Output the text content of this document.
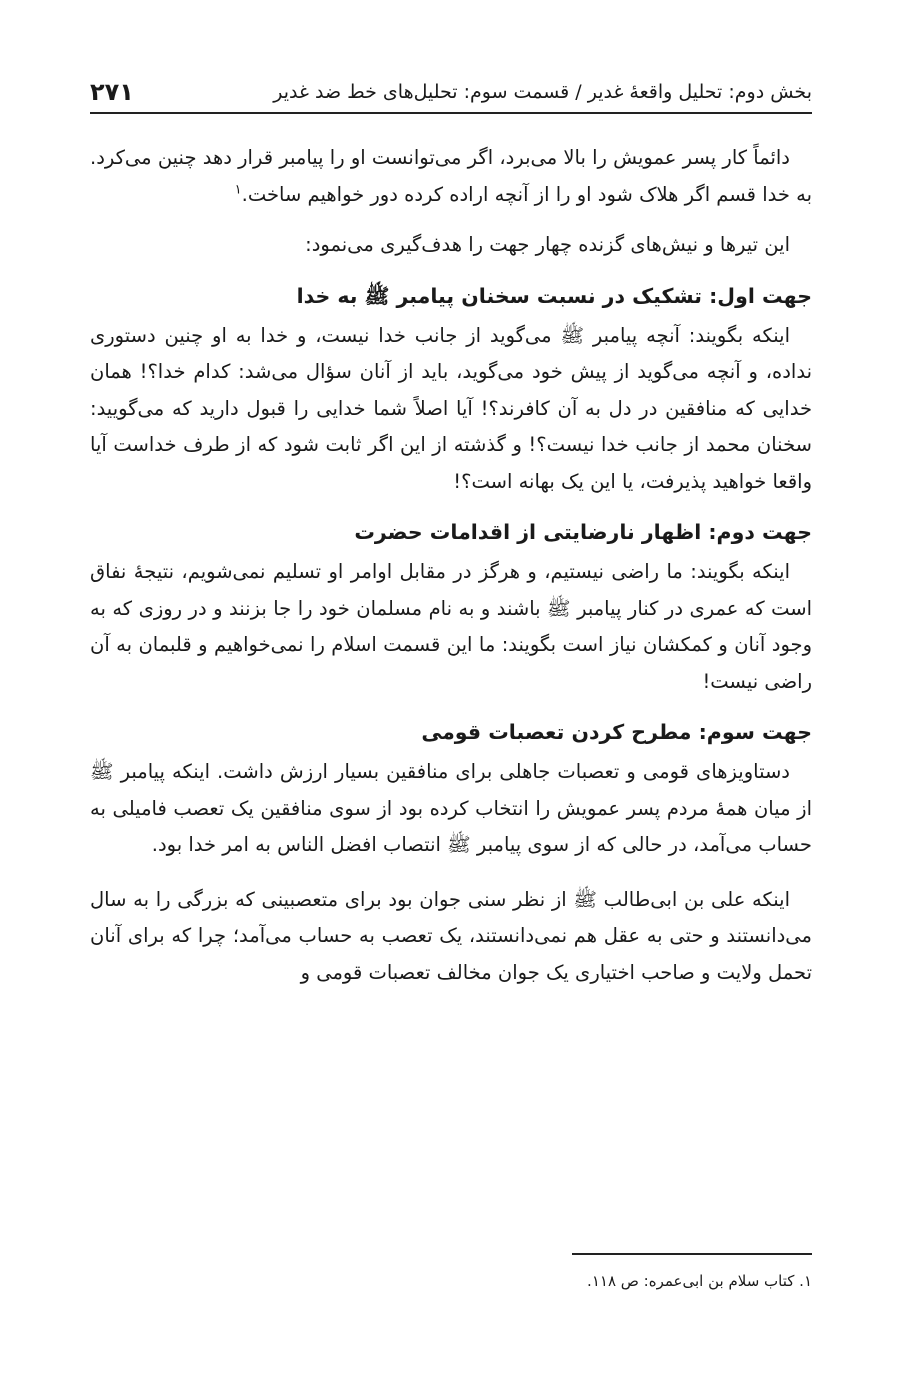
بخش دوم: تحلیل واقعهٔ غدیر / قسمت سوم: تحلیل‌های خط ضد غدیر
۲۷۱

دائماً کار پسر عمویش را بالا می‌برد، اگر می‌توانست او را پیامبر قرار دهد چنین می‌کرد. به خدا قسم اگر هلاک شود او را از آنچه اراده کرده دور خواهیم ساخت.$^۱$

این تیرها و نیش‌های گزنده چهار جهت را هدف‌گیری می‌نمود:

جهت اول: تشکیک در نسبت سخنان پیامبر ﷺ به خدا

اینکه بگویند: آنچه پیامبر ﷺ می‌گوید از جانب خدا نیست، و خدا به او چنین دستوری نداده، و آنچه می‌گوید از پیش خود می‌گوید، باید از آنان سؤال می‌شد: کدام خدا؟! همان خدایی که منافقین در دل به آن کافرند؟! آیا اصلاً شما خدایی را قبول دارید که می‌گویید: سخنان محمد از جانب خدا نیست؟! و گذشته از این اگر ثابت شود که از طرف خداست آیا واقعا خواهید پذیرفت، یا این یک بهانه است؟!

جهت دوم: اظهار نارضایتی از اقدامات حضرت

اینکه بگویند: ما راضی نیستیم، و هرگز در مقابل اوامر او تسلیم نمی‌شویم، نتیجهٔ نفاق است که عمری در کنار پیامبر ﷺ باشند و به نام مسلمان خود را جا بزنند و در روزی که به وجود آنان و کمکشان نیاز است بگویند: ما این قسمت اسلام را نمی‌خواهیم و قلبمان به آن راضی نیست!

جهت سوم: مطرح کردن تعصبات قومی

دستاویزهای قومی و تعصبات جاهلی برای منافقین بسیار ارزش داشت. اینکه پیامبر ﷺ از میان همهٔ مردم پسر عمویش را انتخاب کرده بود از سوی منافقین یک تعصب فامیلی به حساب می‌آمد، در حالی که از سوی پیامبر ﷺ انتصاب افضل الناس به امر خدا بود.

اینکه علی بن ابی‌طالب ﷺ از نظر سنی جوان بود برای متعصبینی که بزرگی را به سال می‌دانستند و حتی به عقل هم نمی‌دانستند، یک تعصب به حساب می‌آمد؛ چرا که برای آنان تحمل ولایت و صاحب اختیاری یک جوان مخالف تعصبات قومی و

۱. کتاب سلام بن ابی‌عمره: ص ۱۱۸.
